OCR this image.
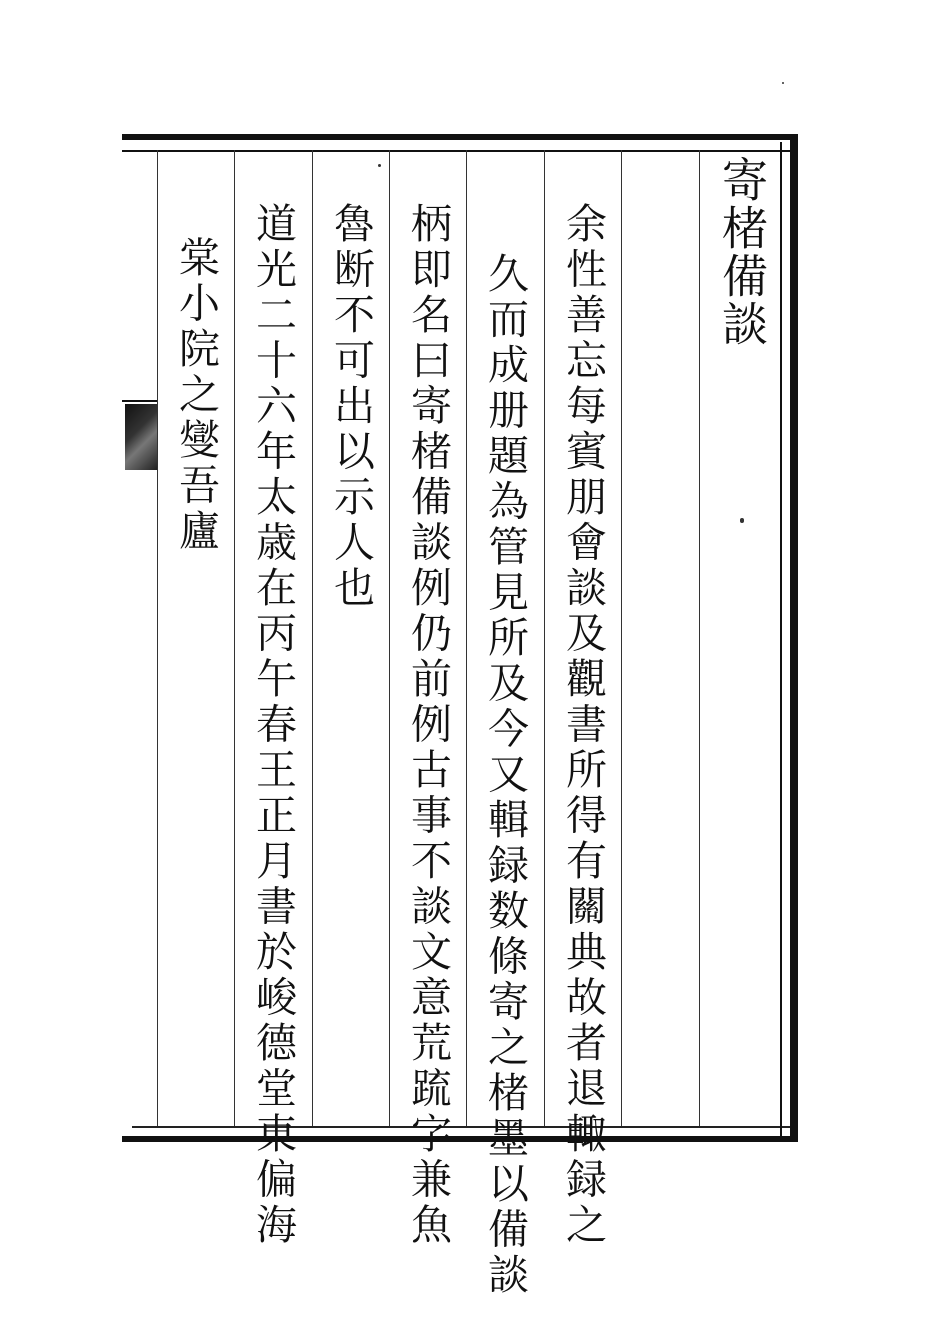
寄楮備談
余性善忘每賓朋會談及觀書所得有關典故者退輙録之
久而成册題為管見所及今又輯録数條寄之楮墨以備談
柄即名曰寄楮備談例仍前例古事不談文意荒䟽字兼魚
魯断不可出以示人也
道光二十六年太歳在丙午春王正月書於峻德堂東偏海
棠小院之燮吾廬
